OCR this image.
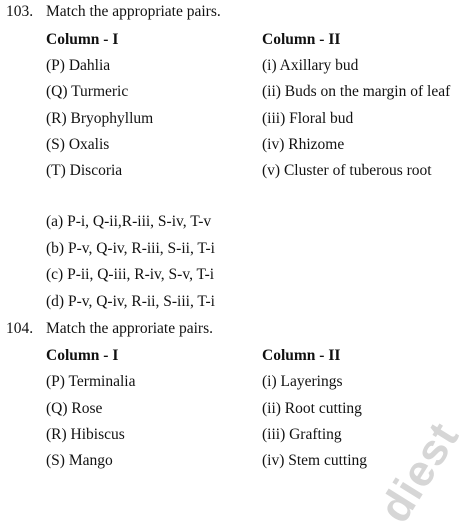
103. Match the appropriate pairs.
Column - I	Column - II
(P) Dahlia	(i) Axillary bud
(Q) Turmeric	(ii) Buds on the margin of leaf
(R) Bryophyllum	(iii) Floral bud
(S) Oxalis	(iv) Rhizome
(T) Discoria	(v) Cluster of tuberous root
(a) P-i, Q-ii,R-iii, S-iv, T-v
(b) P-v, Q-iv, R-iii, S-ii, T-i
(c) P-ii, Q-iii, R-iv, S-v, T-i
(d) P-v, Q-iv, R-ii, S-iii, T-i
104. Match the approriate pairs.
Column - I	Column - II
(P) Terminalia	(i) Layerings
(Q) Rose	(ii) Root cutting
(R) Hibiscus	(iii) Grafting
(S) Mango	(iv) Stem cutting diest
